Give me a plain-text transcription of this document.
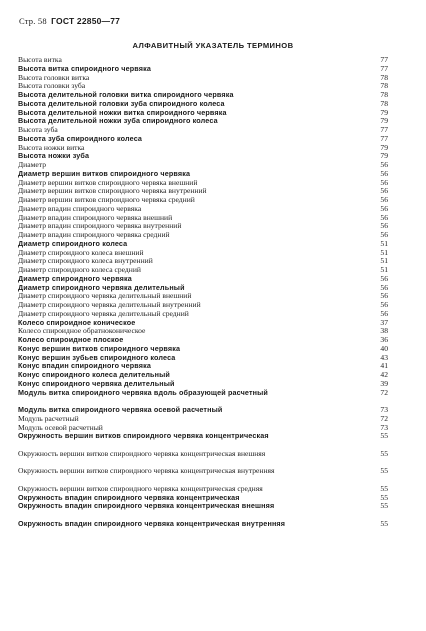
Стр. 58 ГОСТ 22850—77
АЛФАВИТНЫЙ УКАЗАТЕЛЬ ТЕРМИНОВ
Высота витка	77
Высота витка спироидного червяка	77
Высота головки витка	78
Высота головки зуба	78
Высота делительной головки витка спироидного червяка	78
Высота делительной головки зуба спироидного колеса	78
Высота делительной ножки витка спироидного червяка	79
Высота делительной ножки зуба спироидного колеса	79
Высота зуба	77
Высота зуба спироидного колеса	77
Высота ножки витка	79
Высота ножки зуба	79
Диаметр	56
Диаметр вершин витков спироидного червяка	56
Диаметр вершин витков спироидного червяка внешний	56
Диаметр вершин витков спироидного червяка внутренний	56
Диаметр вершин витков спироидного червяка средний	56
Диаметр впадин спироидного червяка	56
Диаметр впадин спироидного червяка внешний	56
Диаметр впадин спироидного червяка внутренний	56
Диаметр впадин спироидного червяка средний	56
Диаметр спироидного колеса	51
Диаметр спироидного колеса внешний	51
Диаметр спироидного колеса внутренний	51
Диаметр спироидного колеса средний	51
Диаметр спироидного червяка	56
Диаметр спироидного червяка делительный	56
Диаметр спироидного червяка делительный внешний	56
Диаметр спироидного червяка делительный внутренний	56
Диаметр спироидного червяка делительный средний	56
Колесо спироидное коническое	37
Колесо спироидное обратноконическое	38
Колесо спироидное плоское	36
Конус вершин витков спироидного червяка	40
Конус вершин зубьев спироидного колеса	43
Конус впадин спироидного червяка	41
Конус спироидного колеса делительный	42
Конус спироидного червяка делительный	39
Модуль витка спироидного червяка вдоль образующей расчетный	72
Модуль витка спироидного червяка осевой расчетный	73
Модуль расчетный	72
Модуль осевой расчетный	73
Окружность вершин витков спироидного червяка концентрическая	55
Окружность вершин витков спироидного червяка концентрическая внешняя	55
Окружность вершин витков спироидного червяка концентрическая внутренняя	55
Окружность вершин витков спироидного червяка концентрическая средняя	55
Окружность впадин спироидного червяка концентрическая	55
Окружность впадин спироидного червяка концентрическая внешняя	55
Окружность впадин спироидного червяка концентрическая внутренняя	55
